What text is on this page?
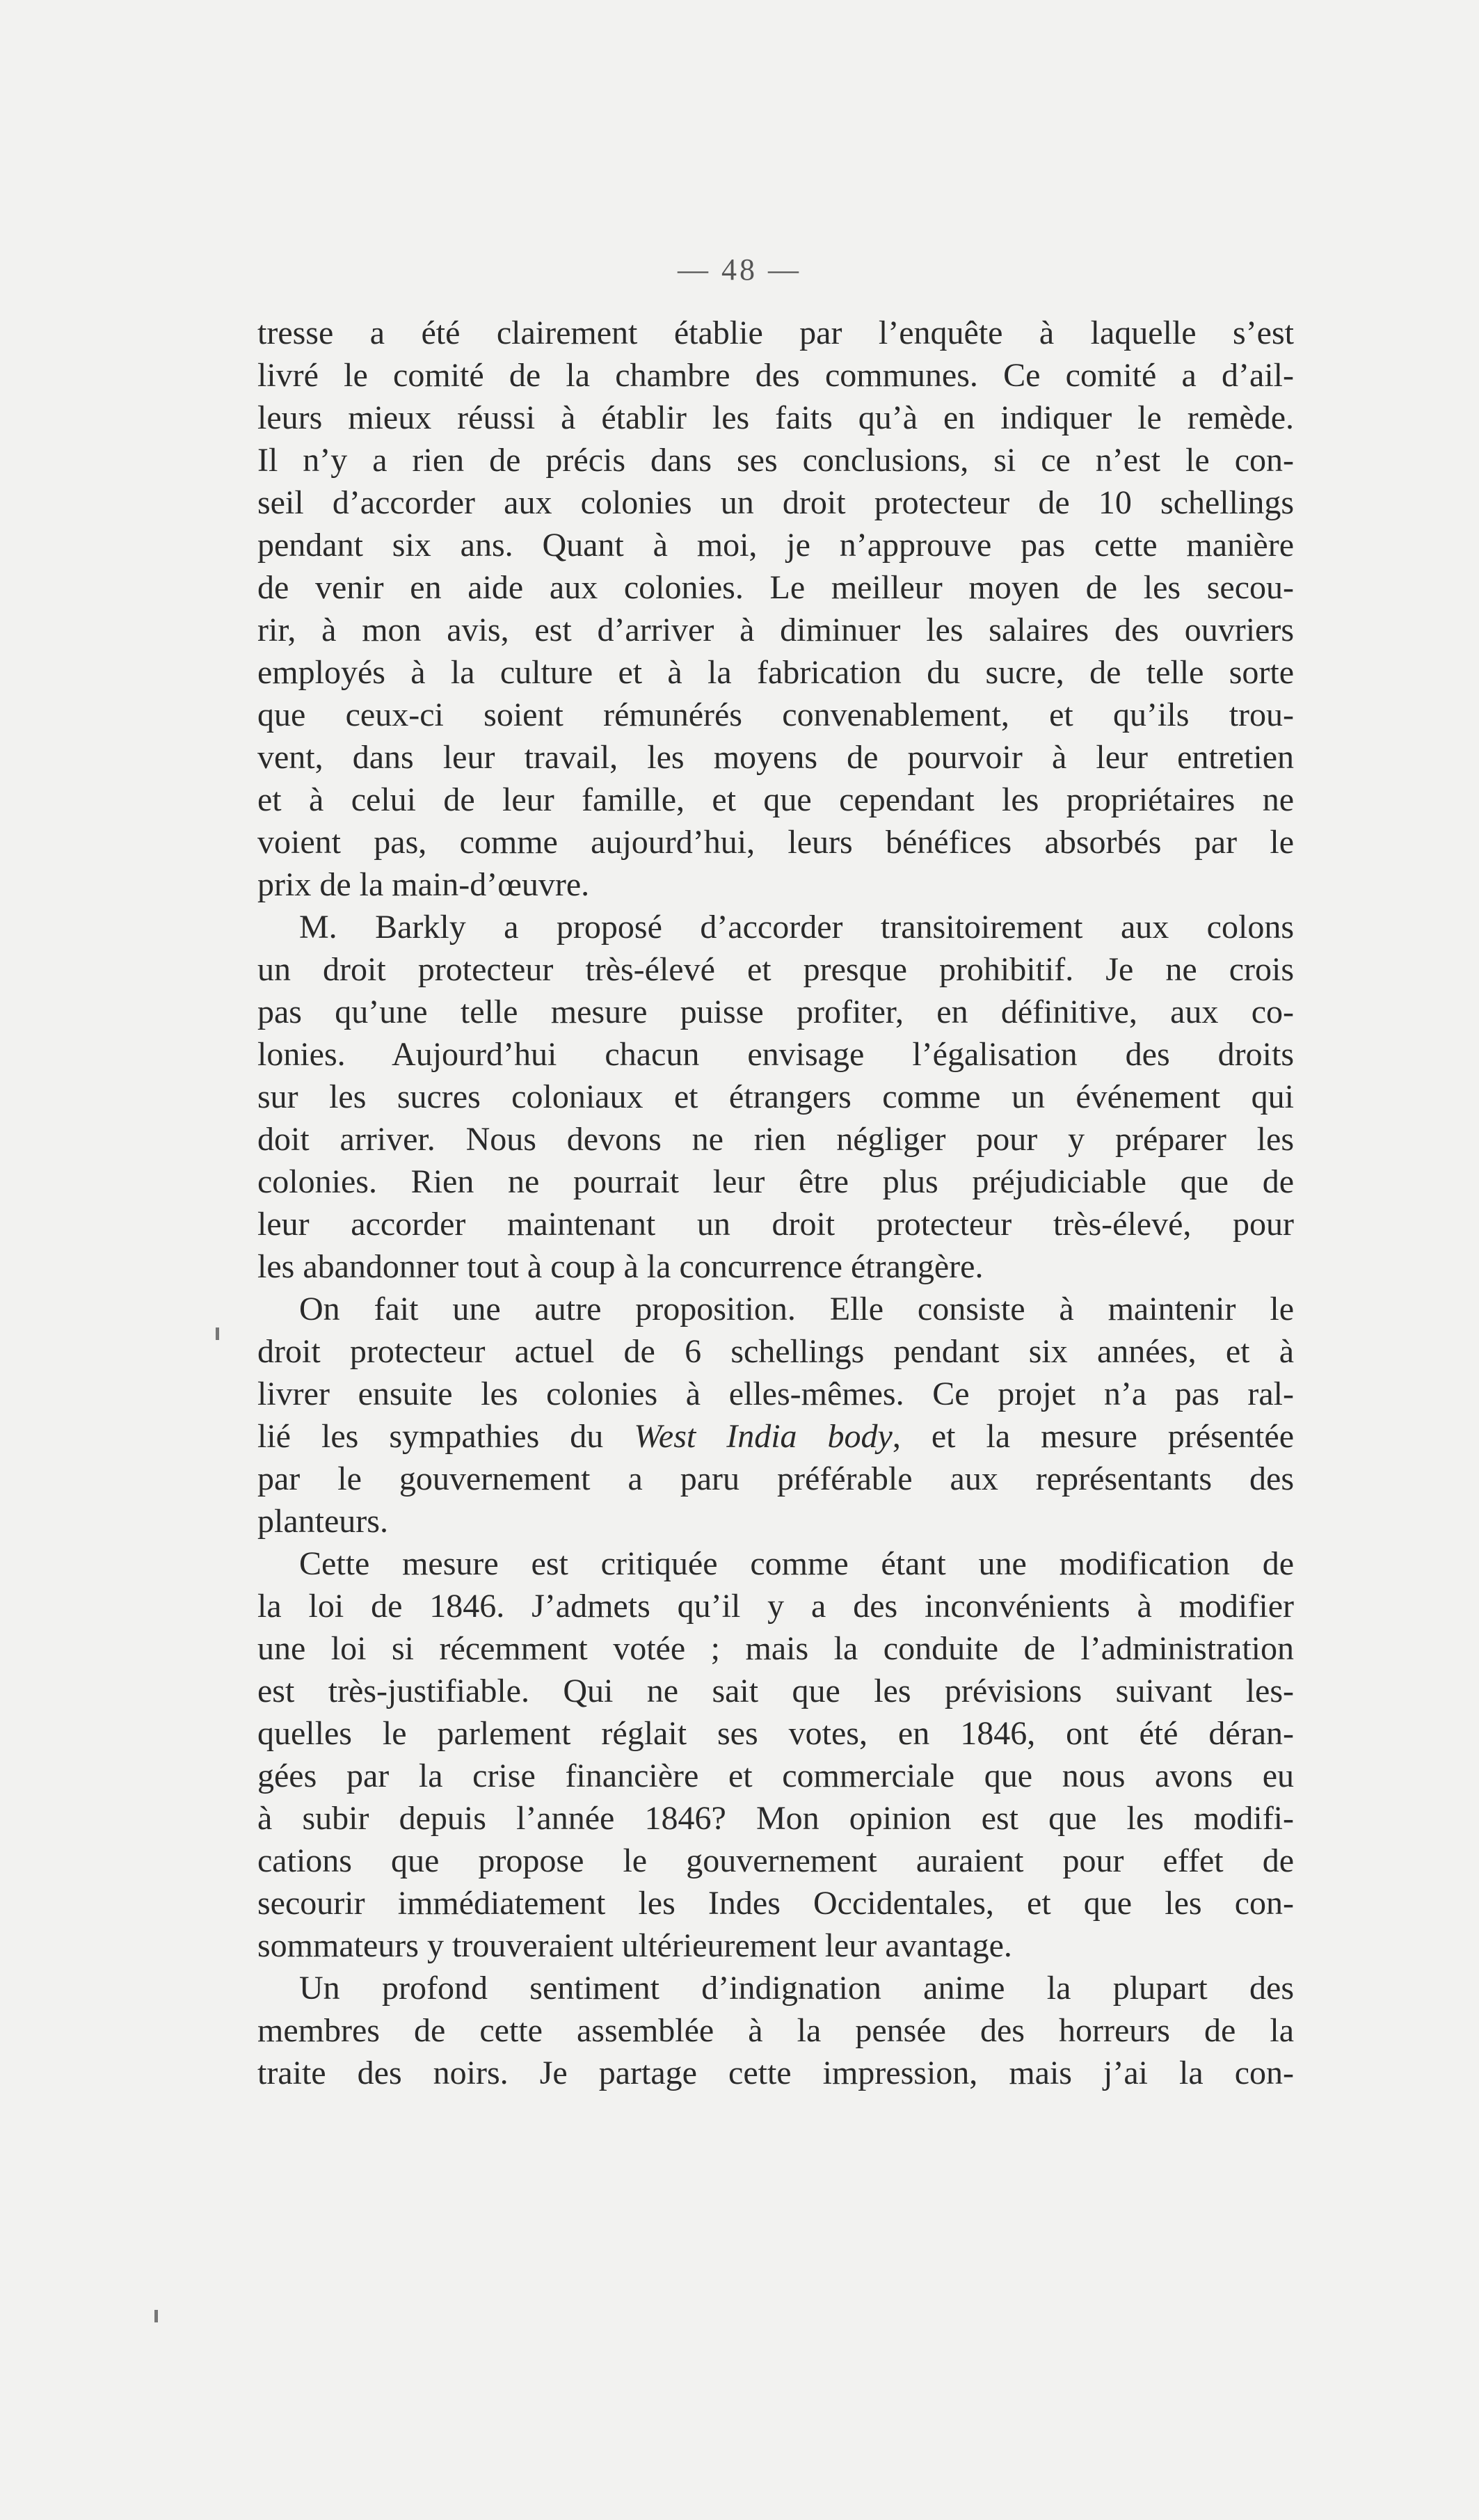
— 48 —
tresse a été clairement établie par l’enquête à laquelle s’est
livré le comité de la chambre des communes. Ce comité a d’ail-
leurs mieux réussi à établir les faits qu’à en indiquer le remède.
Il n’y a rien de précis dans ses conclusions, si ce n’est le con-
seil d’accorder aux colonies un droit protecteur de 10 schellings
pendant six ans. Quant à moi, je n’approuve pas cette manière
de venir en aide aux colonies. Le meilleur moyen de les secou-
rir, à mon avis, est d’arriver à diminuer les salaires des ouvriers
employés à la culture et à la fabrication du sucre, de telle sorte
que ceux-ci soient rémunérés convenablement, et qu’ils trou-
vent, dans leur travail, les moyens de pourvoir à leur entretien
et à celui de leur famille, et que cependant les propriétaires ne
voient pas, comme aujourd’hui, leurs bénéfices absorbés par le
prix de la main-d’œuvre.
M. Barkly a proposé d’accorder transitoirement aux colons
un droit protecteur très-élevé et presque prohibitif. Je ne crois
pas qu’une telle mesure puisse profiter, en définitive, aux co-
lonies. Aujourd’hui chacun envisage l’égalisation des droits
sur les sucres coloniaux et étrangers comme un événement qui
doit arriver. Nous devons ne rien négliger pour y préparer les
colonies. Rien ne pourrait leur être plus préjudiciable que de
leur accorder maintenant un droit protecteur très-élevé, pour
les abandonner tout à coup à la concurrence étrangère.
On fait une autre proposition. Elle consiste à maintenir le
droit protecteur actuel de 6 schellings pendant six années, et à
livrer ensuite les colonies à elles-mêmes. Ce projet n’a pas ral-
lié les sympathies du West India body, et la mesure présentée
par le gouvernement a paru préférable aux représentants des
planteurs.
Cette mesure est critiquée comme étant une modification de
la loi de 1846. J’admets qu’il y a des inconvénients à modifier
une loi si récemment votée ; mais la conduite de l’administration
est très-justifiable. Qui ne sait que les prévisions suivant les-
quelles le parlement réglait ses votes, en 1846, ont été déran-
gées par la crise financière et commerciale que nous avons eu
à subir depuis l’année 1846? Mon opinion est que les modifi-
cations que propose le gouvernement auraient pour effet de
secourir immédiatement les Indes Occidentales, et que les con-
sommateurs y trouveraient ultérieurement leur avantage.
Un profond sentiment d’indignation anime la plupart des
membres de cette assemblée à la pensée des horreurs de la
traite des noirs. Je partage cette impression, mais j’ai la con-
